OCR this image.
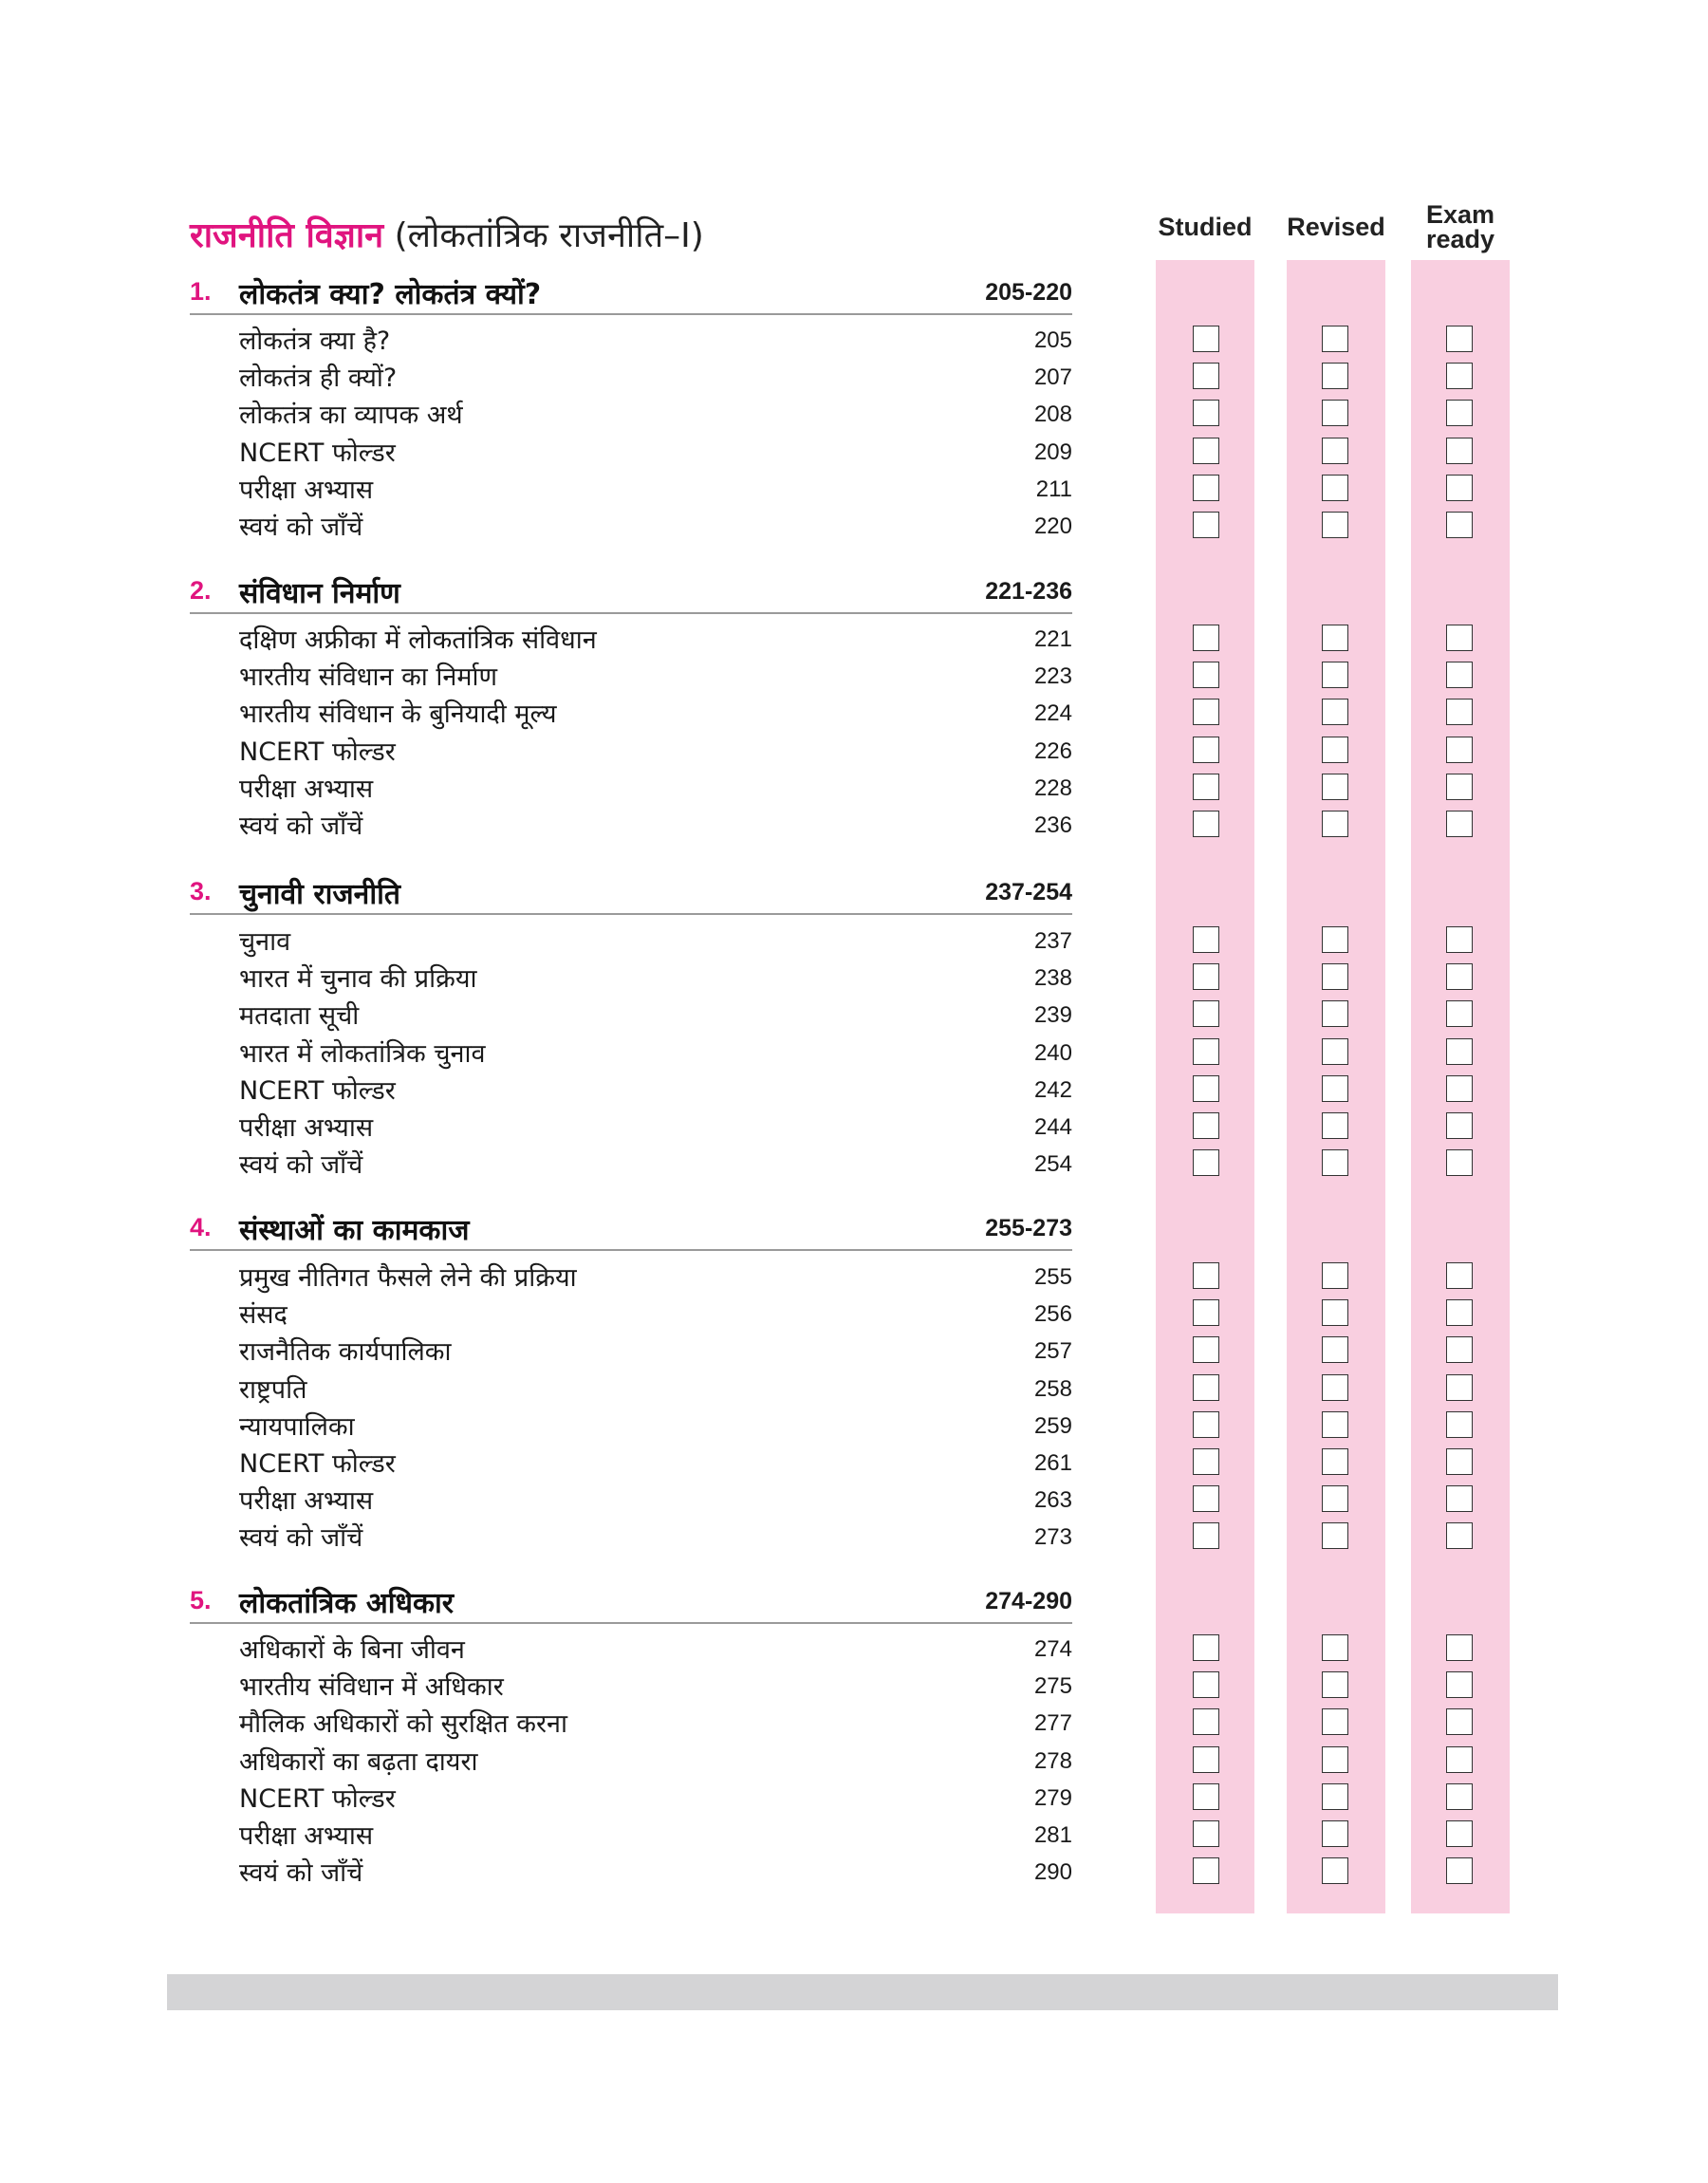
राजनीति विज्ञान (लोकतांत्रिक राजनीति–I)	Studied	Revised	Exam
ready
1. लोकतंत्र क्या? लोकतंत्र क्यों?	205-220
लोकतंत्र क्या है?	205
लोकतंत्र ही क्यों?	207
लोकतंत्र का व्यापक अर्थ	208
NCERT फोल्डर	209
परीक्षा अभ्यास	211
स्वयं को जाँचें	220
2. संविधान निर्माण	221-236
दक्षिण अफ्रीका में लोकतांत्रिक संविधान	221
भारतीय संविधान का निर्माण	223
भारतीय संविधान के बुनियादी मूल्य	224
NCERT फोल्डर	226
परीक्षा अभ्यास	228
स्वयं को जाँचें	236
3. चुनावी राजनीति	237-254
चुनाव	237
भारत में चुनाव की प्रक्रिया	238
मतदाता सूची	239
भारत में लोकतांत्रिक चुनाव	240
NCERT फोल्डर	242
परीक्षा अभ्यास	244
स्वयं को जाँचें	254
4. संस्थाओं का कामकाज	255-273
प्रमुख नीतिगत फैसले लेने की प्रक्रिया	255
संसद	256
राजनैतिक कार्यपालिका	257
राष्ट्रपति	258
न्यायपालिका	259
NCERT फोल्डर	261
परीक्षा अभ्यास	263
स्वयं को जाँचें	273
5. लोकतांत्रिक अधिकार	274-290
अधिकारों के बिना जीवन	274
भारतीय संविधान में अधिकार	275
मौलिक अधिकारों को सुरक्षित करना	277
अधिकारों का बढ़ता दायरा	278
NCERT फोल्डर	279
परीक्षा अभ्यास	281
स्वयं को जाँचें	290
